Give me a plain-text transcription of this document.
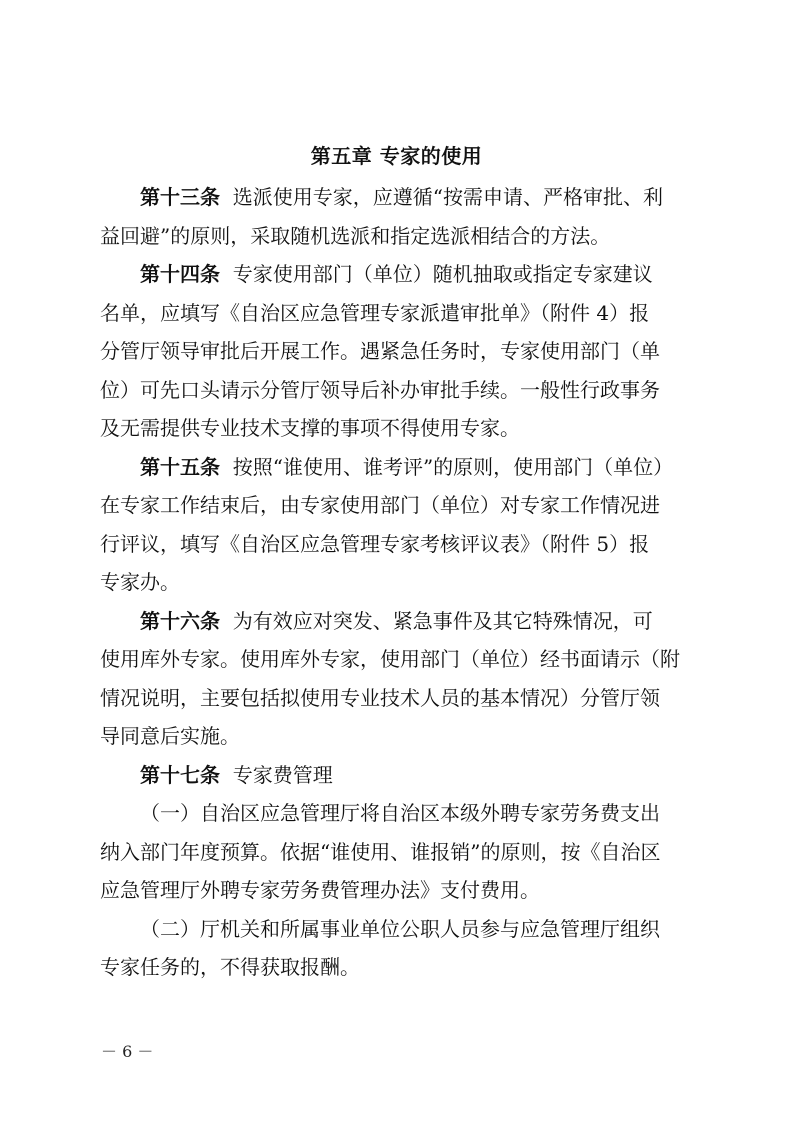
第五章 专家的使用

第十三条 选派使用专家，应遵循“按需申请、严格审批、利
益回避”的原则，采取随机选派和指定选派相结合的方法。

第十四条 专家使用部门（单位）随机抽取或指定专家建议
名单，应填写《自治区应急管理专家派遣审批单》（附件 4）报
分管厅领导审批后开展工作。遇紧急任务时，专家使用部门（单
位）可先口头请示分管厅领导后补办审批手续。一般性行政事务
及无需提供专业技术支撑的事项不得使用专家。

第十五条 按照“谁使用、谁考评”的原则，使用部门（单位）
在专家工作结束后，由专家使用部门（单位）对专家工作情况进
行评议，填写《自治区应急管理专家考核评议表》（附件 5）报
专家办。

第十六条 为有效应对突发、紧急事件及其它特殊情况，可
使用库外专家。使用库外专家，使用部门（单位）经书面请示（附
情况说明，主要包括拟使用专业技术人员的基本情况）分管厅领
导同意后实施。

第十七条 专家费管理

（一）自治区应急管理厅将自治区本级外聘专家劳务费支出
纳入部门年度预算。依据“谁使用、谁报销”的原则，按《自治区
应急管理厅外聘专家劳务费管理办法》支付费用。

（二）厅机关和所属事业单位公职人员参与应急管理厅组织
专家任务的，不得获取报酬。

－ 6 －
